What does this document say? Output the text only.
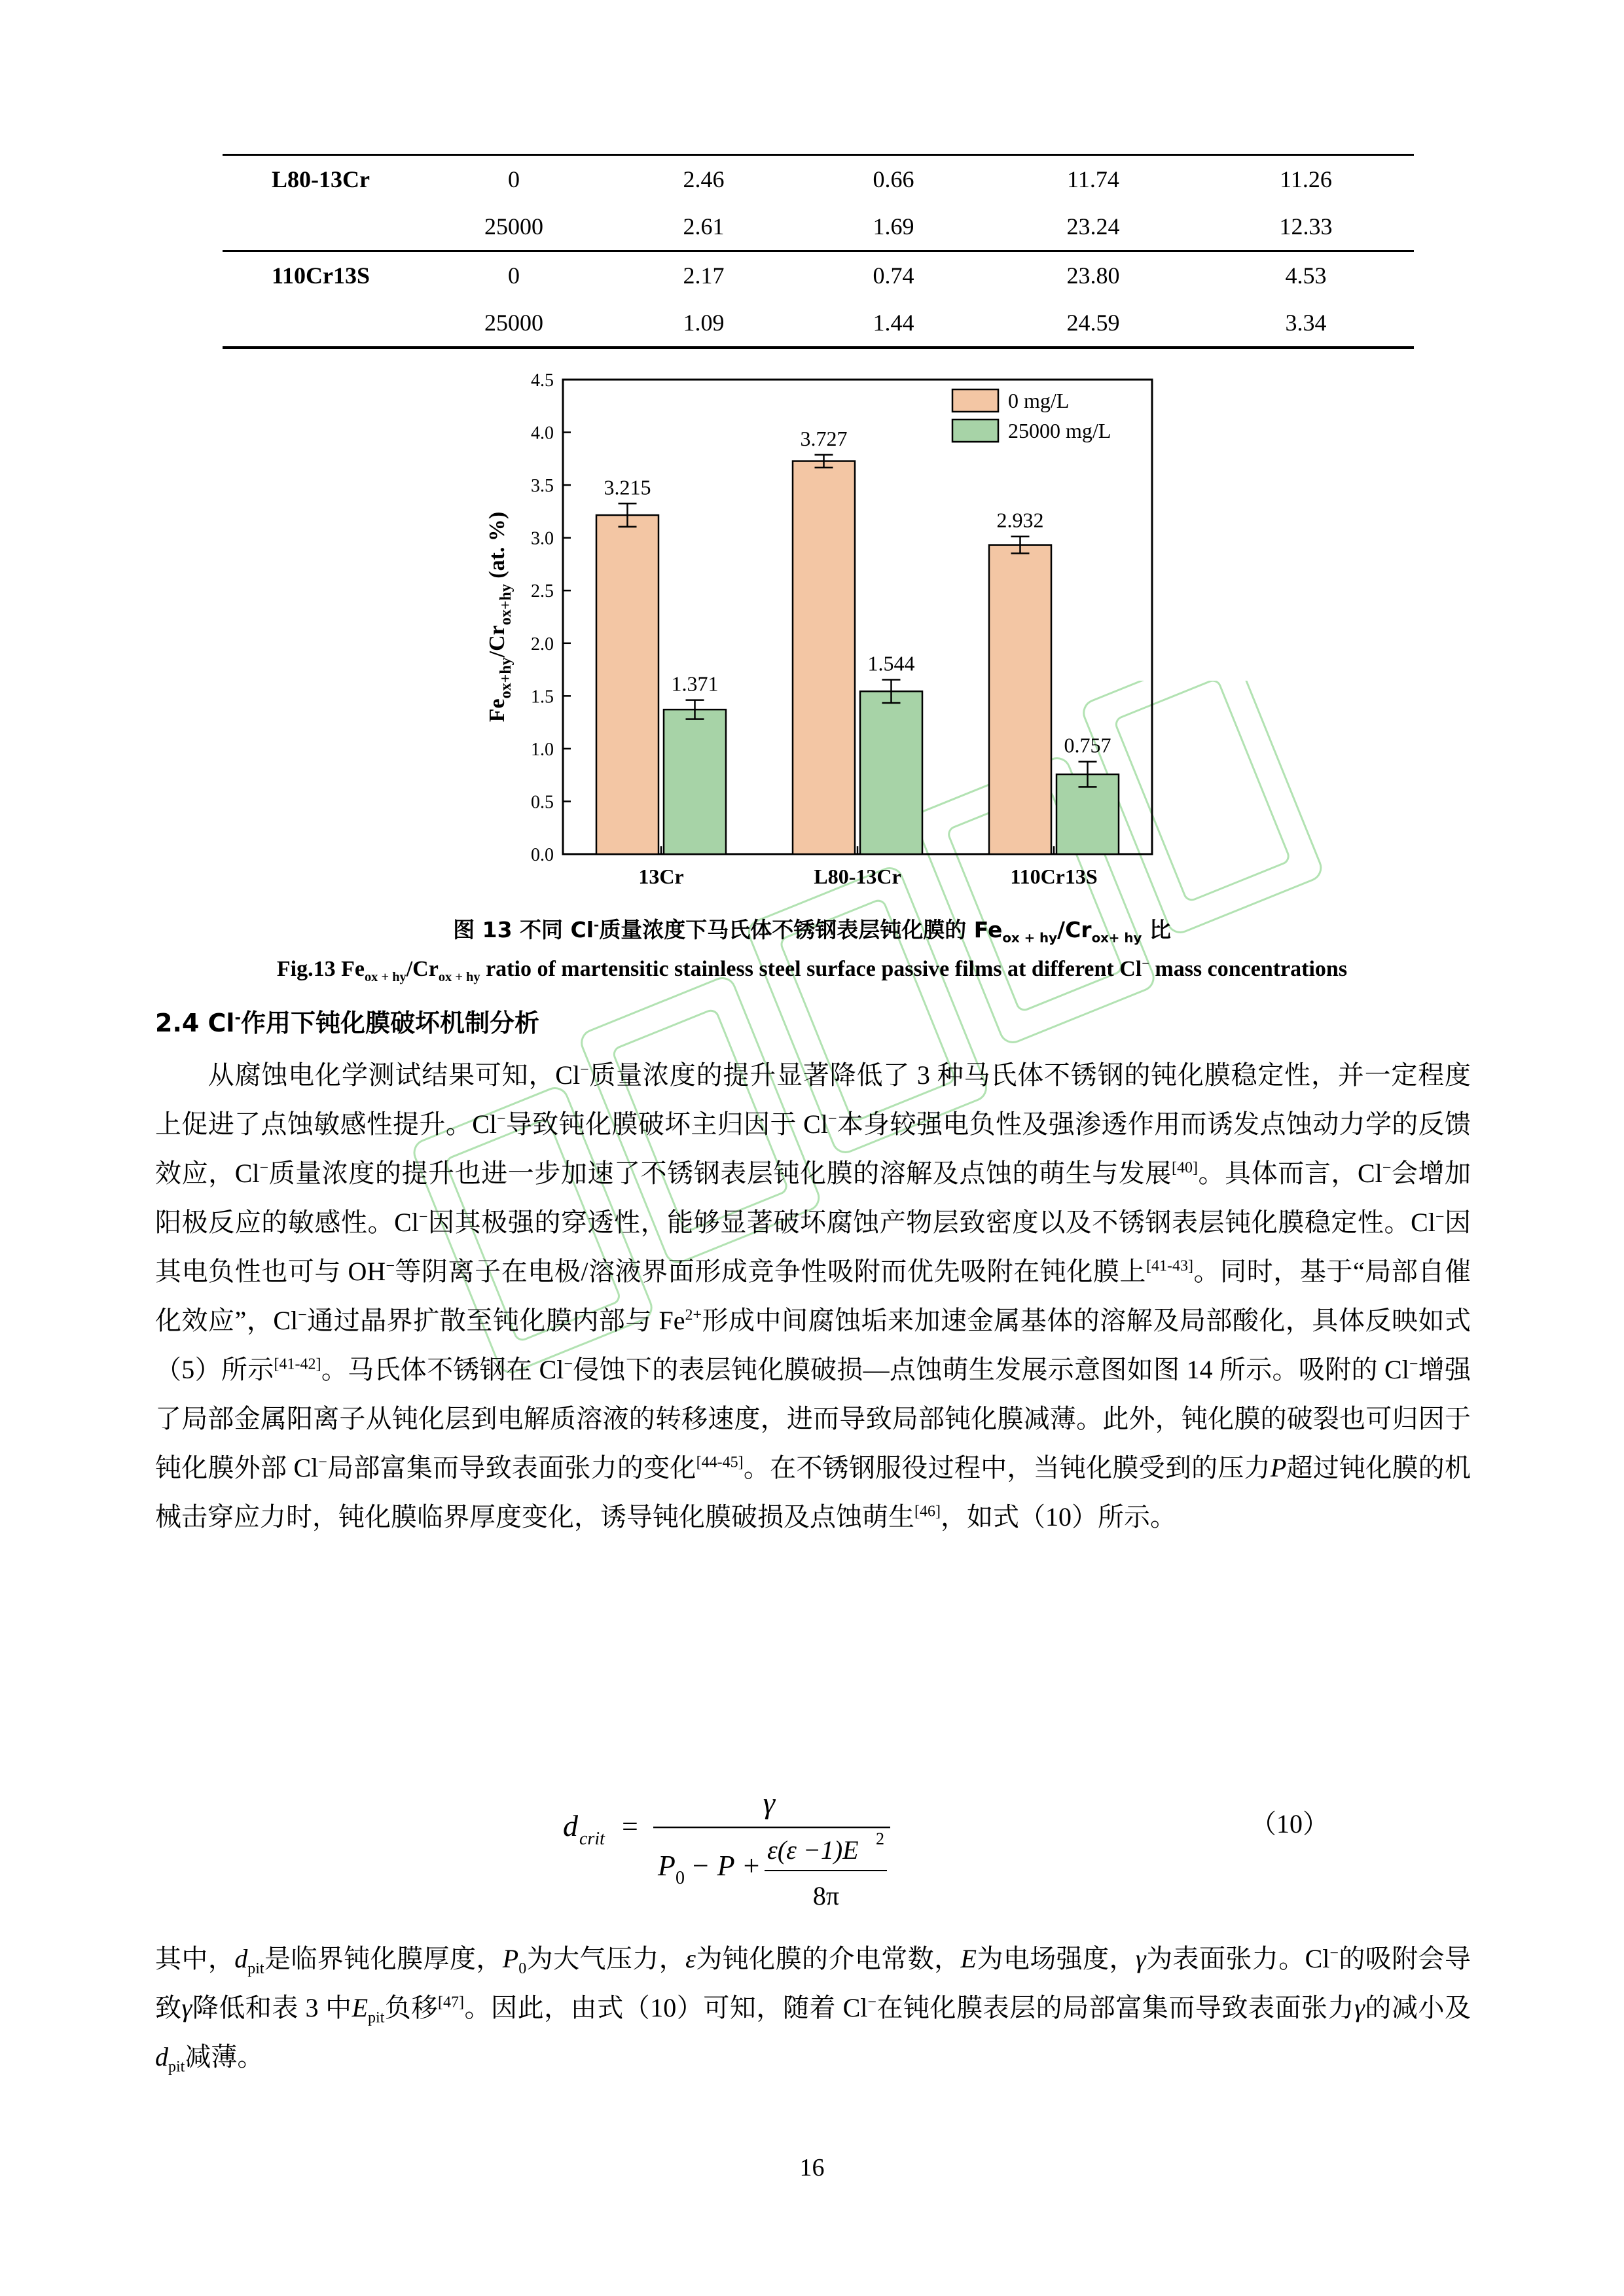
L80-13Cr	0	2.46	0.66	11.74	11.26
	25000	2.61	1.69	23.24	12.33
110Cr13S	0	2.17	0.74	23.80	4.53
	25000	1.09	1.44	24.59	3.34
0.0
0.5
1.0
1.5
2.0
2.5
3.0
3.5
4.0
4.5
$Fe_{ox+hy}/Cr_{ox+hy}$ (at. %)
3.215
3.727
2.932
1.371
1.544
0.757
13Cr	L80-13Cr	110Cr13S
0 mg/L
25000 mg/L
图 13 不同 Cl-质量浓度下马氏体不锈钢表层钝化膜的 $Fe_{ox + hy}/Cr_{ox+ hy}$ 比
Fig.13 $Fe_{ox + hy}/Cr_{ox + hy}$ ratio of martensitic stainless steel surface passive films at different Cl− mass concentrations
2.4 Cl-作用下钝化膜破坏机制分析

从腐蚀电化学测试结果可知，Cl−质量浓度的提升显著降低了 3 种马氏体不锈钢的钝化膜稳定性，并一定程度上促进了点蚀敏感性提升。Cl−导致钝化膜破坏主归因于 Cl−本身较强电负性及强渗透作用而诱发点蚀动力学的反馈效应，Cl−质量浓度的提升也进一步加速了不锈钢表层钝化膜的溶解及点蚀的萌生与发展[40]。具体而言，Cl−会增加阳极反应的敏感性。Cl−因其极强的穿透性，能够显著破坏腐蚀产物层致密度以及不锈钢表层钝化膜稳定性。Cl−因其电负性也可与 OH−等阴离子在电极/溶液界面形成竞争性吸附而优先吸附在钝化膜上[41-43]。同时，基于“局部自催化效应”，Cl−通过晶界扩散至钝化膜内部与 $Fe^{2+}$形成中间腐蚀垢来加速金属基体的溶解及局部酸化，具体反映如式（5）所示[41-42]。马氏体不锈钢在 Cl−侵蚀下的表层钝化膜破损—点蚀萌生发展示意图如图 14 所示。吸附的 Cl−增强了局部金属阳离子从钝化层到电解质溶液的转移速度，进而导致局部钝化膜减薄。此外，钝化膜的破裂也可归因于钝化膜外部 Cl−局部富集而导致表面张力的变化[44-45]。在不锈钢服役过程中，当钝化膜受到的压力P超过钝化膜的机械击穿应力时，钝化膜临界厚度变化，诱导钝化膜破损及点蚀萌生[46]，如式（10）所示。

d crit =
γ
P 0 − P + ε(ε −1)E 2
8π
（10）

其中，$d_{pit}$是临界钝化膜厚度，$P_0$为大气压力，ε为钝化膜的介电常数，E为电场强度，γ为表面张力。Cl−的吸附会导致γ降低和表 3 中$E_{pit}$负移[47]。因此，由式（10）可知，随着 Cl−在钝化膜表层的局部富集而导致表面张力γ的减小及$d_{pit}$减薄。

16
